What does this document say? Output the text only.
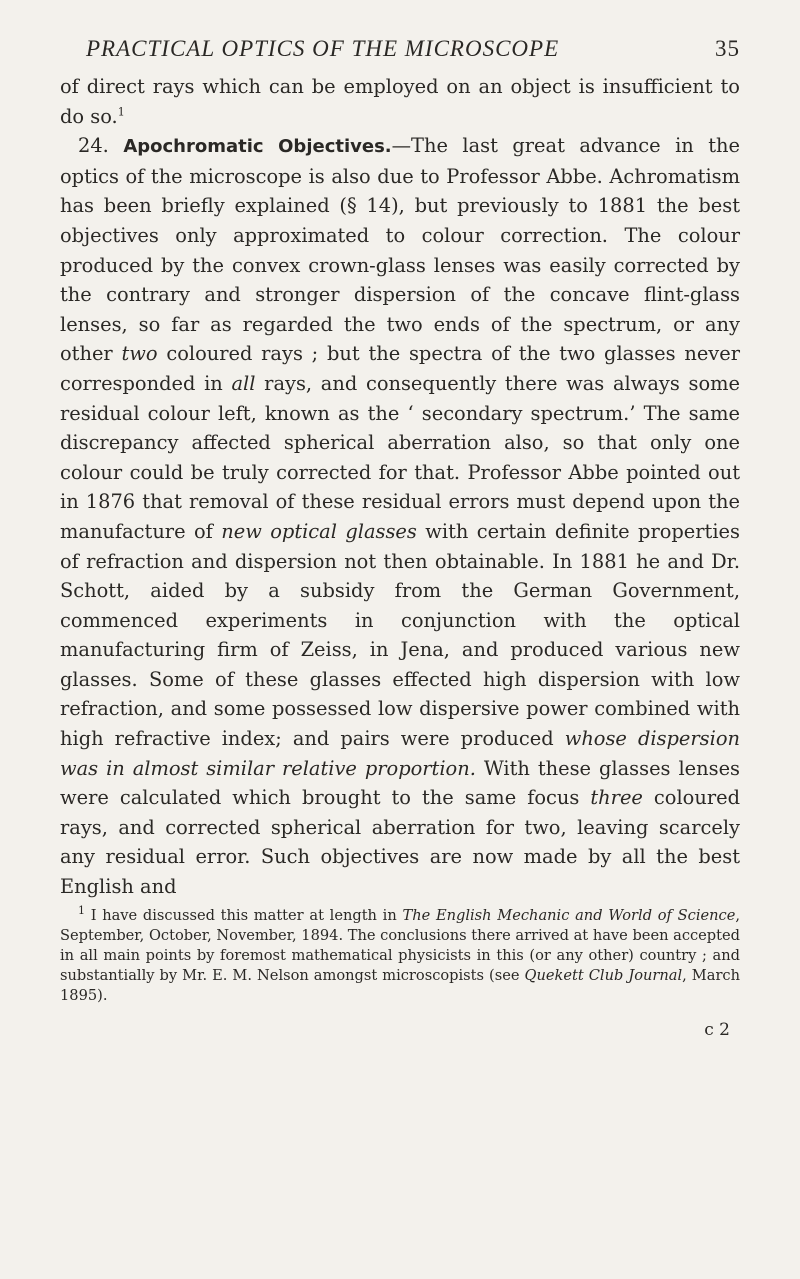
PRACTICAL OPTICS OF THE MICROSCOPE	35

of direct rays which can be employed on an object is insufficient to do so.$^1$

24. Apochromatic Objectives.—The last great advance in the optics of the microscope is also due to Professor Abbe. Achromatism has been briefly explained (§ 14), but previously to 1881 the best objectives only approximated to colour correction. The colour produced by the convex crown-glass lenses was easily corrected by the contrary and stronger dispersion of the concave flint-glass lenses, so far as regarded the two ends of the spectrum, or any other two coloured rays ; but the spectra of the two glasses never corresponded in all rays, and consequently there was always some residual colour left, known as the ‘ secondary spectrum.’ The same discrepancy affected spherical aberration also, so that only one colour could be truly corrected for that. Professor Abbe pointed out in 1876 that removal of these residual errors must depend upon the manufacture of new optical glasses with certain definite properties of refraction and dispersion not then obtainable. In 1881 he and Dr. Schott, aided by a subsidy from the German Government, commenced experiments in conjunction with the optical manufacturing firm of Zeiss, in Jena, and produced various new glasses. Some of these glasses effected high dispersion with low refraction, and some possessed low dispersive power combined with high refractive index; and pairs were produced whose dispersion was in almost similar relative proportion. With these glasses lenses were calculated which brought to the same focus three coloured rays, and corrected spherical aberration for two, leaving scarcely any residual error. Such objectives are now made by all the best English and

$^1$ I have discussed this matter at length in The English Mechanic and World of Science, September, October, November, 1894. The conclusions there arrived at have been accepted in all main points by foremost mathematical physicists in this (or any other) country ; and substantially by Mr. E. M. Nelson amongst microscopists (see Quekett Club Journal, March 1895).
c 2
